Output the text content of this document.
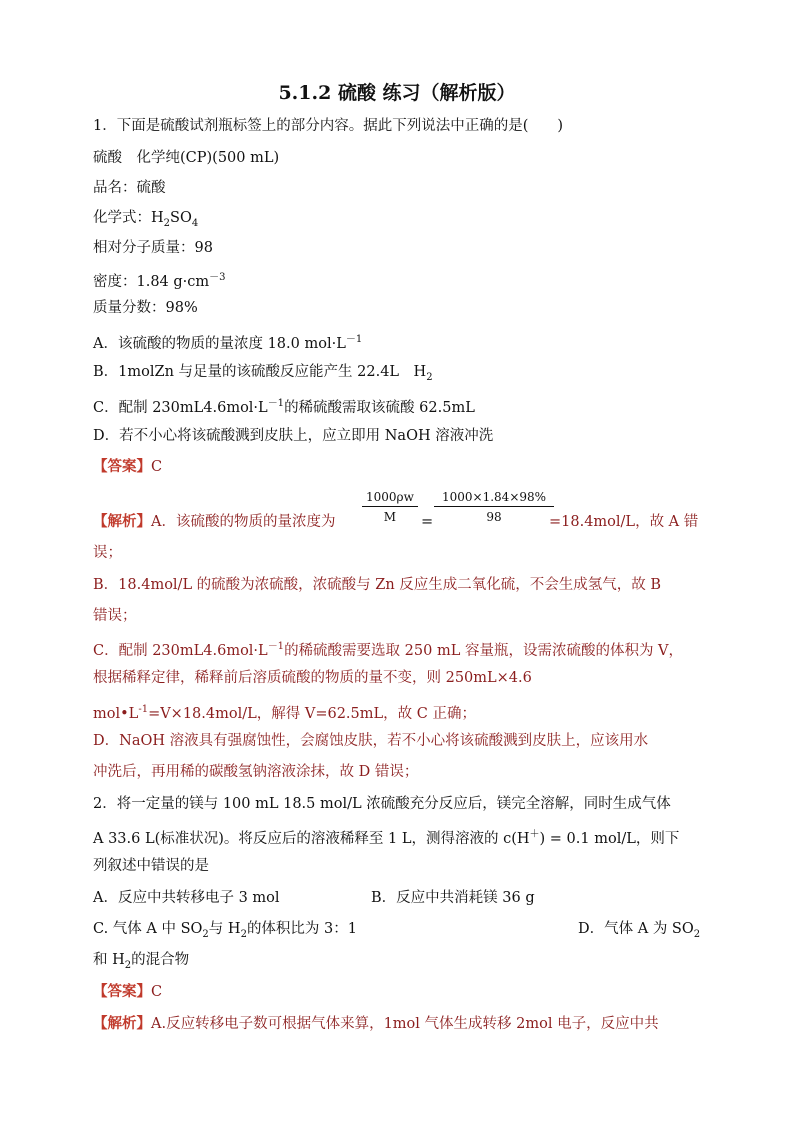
5.1.2 硫酸 练习（解析版）
1．下面是硫酸试剂瓶标签上的部分内容。据此下列说法中正确的是(　　)
硫酸　化学纯(CP)(500 mL)
品名：硫酸
化学式：$H_2SO_4$
相对分子质量：98
密度：1.84 $g\cdot cm^{-3}$
质量分数：98%
A．该硫酸的物质的量浓度 18.0 $mol\cdot L^{-1}$
B．1molZn 与足量的该硫酸反应能产生 22.4L　$H_2$
C．配制 $230mL4.6mol\cdot L^{-1}$的稀硫酸需取该硫酸 62.5mL
D．若不小心将该硫酸溅到皮肤上，应立即用 NaOH 溶液冲洗
【答案】C
【解析】A．该硫酸的物质的量浓度为 $\frac{1000\rho w}{M} = \frac{1000\times 1.84\times 98\%}{98}$
=18.4mol/L，故 A 错
误；
B．18.4mol/L 的硫酸为浓硫酸，浓硫酸与 Zn 反应生成二氧化硫，不会生成氢气，故 B
错误；
C．配制 $230mL4.6mol\cdot L^{-1}$的稀硫酸需要选取 250 mL 容量瓶，设需浓硫酸的体积为 V，
根据稀释定律，稀释前后溶质硫酸的物质的量不变，则 250mL×4.6
$mol•L^{-1}=V\times 18.4mol/L$，解得 V=62.5mL，故 C 正确；
D．NaOH 溶液具有强腐蚀性，会腐蚀皮肤，若不小心将该硫酸溅到皮肤上，应该用水
冲洗后，再用稀的碳酸氢钠溶液涂抹，故 D 错误；
2．将一定量的镁与 100 mL 18.5 mol/L 浓硫酸充分反应后，镁完全溶解，同时生成气体
A 33.6 L(标准状况)。将反应后的溶液稀释至 1 L，测得溶液的 c(H＋) = 0.1 mol/L，则下
列叙述中错误的是
A．反应中共转移电子 3 mol	B．反应中共消耗镁 36 g
C. 气体 A 中 $SO_2$与 $H_2$的体积比为 3：1	D．气体 A 为 $SO_2$
和 $H_2$的混合物
【答案】C
【解析】A.反应转移电子数可根据气体来算，1mol 气体生成转移 2mol 电子，反应中共
